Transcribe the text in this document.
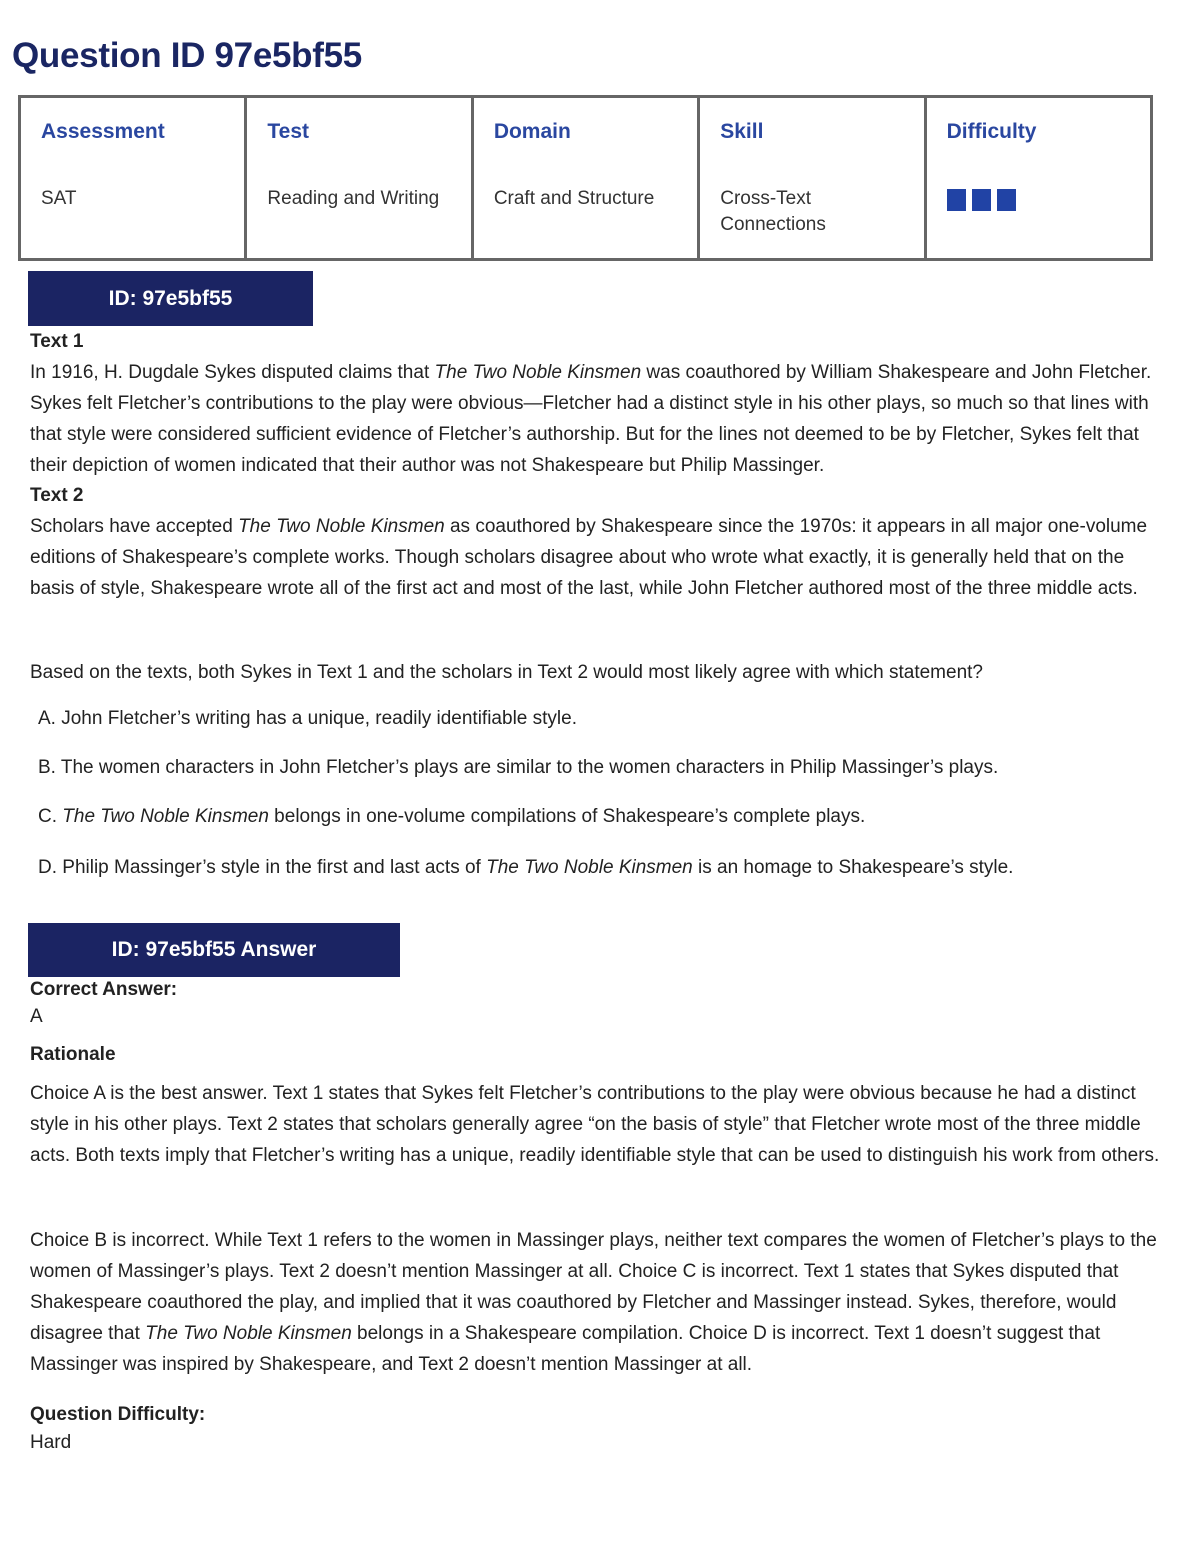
Question ID 97e5bf55
Assessment
SAT
Test
Reading and Writing
Domain
Craft and Structure
Skill
Cross-Text Connections
Difficulty
ID: 97e5bf55
Text 1
In 1916, H. Dugdale Sykes disputed claims that The Two Noble Kinsmen was coauthored by William Shakespeare and John Fletcher. Sykes felt Fletcher’s contributions to the play were obvious—Fletcher had a distinct style in his other plays, so much so that lines with that style were considered sufficient evidence of Fletcher’s authorship. But for the lines not deemed to be by Fletcher, Sykes felt that their depiction of women indicated that their author was not Shakespeare but Philip Massinger.
Text 2
Scholars have accepted The Two Noble Kinsmen as coauthored by Shakespeare since the 1970s: it appears in all major one-volume editions of Shakespeare’s complete works. Though scholars disagree about who wrote what exactly, it is generally held that on the basis of style, Shakespeare wrote all of the first act and most of the last, while John Fletcher authored most of the three middle acts.
Based on the texts, both Sykes in Text 1 and the scholars in Text 2 would most likely agree with which statement?
A. John Fletcher’s writing has a unique, readily identifiable style.
B. The women characters in John Fletcher’s plays are similar to the women characters in Philip Massinger’s plays.
C. The Two Noble Kinsmen belongs in one-volume compilations of Shakespeare’s complete plays.
D. Philip Massinger’s style in the first and last acts of The Two Noble Kinsmen is an homage to Shakespeare’s style.
ID: 97e5bf55 Answer
Correct Answer:
A
Rationale
Choice A is the best answer. Text 1 states that Sykes felt Fletcher’s contributions to the play were obvious because he had a distinct style in his other plays. Text 2 states that scholars generally agree “on the basis of style” that Fletcher wrote most of the three middle acts. Both texts imply that Fletcher’s writing has a unique, readily identifiable style that can be used to distinguish his work from others.
Choice B is incorrect. While Text 1 refers to the women in Massinger plays, neither text compares the women of Fletcher’s plays to the women of Massinger’s plays. Text 2 doesn’t mention Massinger at all. Choice C is incorrect. Text 1 states that Sykes disputed that Shakespeare coauthored the play, and implied that it was coauthored by Fletcher and Massinger instead. Sykes, therefore, would disagree that The Two Noble Kinsmen belongs in a Shakespeare compilation. Choice D is incorrect. Text 1 doesn’t suggest that Massinger was inspired by Shakespeare, and Text 2 doesn’t mention Massinger at all.
Question Difficulty:
Hard
